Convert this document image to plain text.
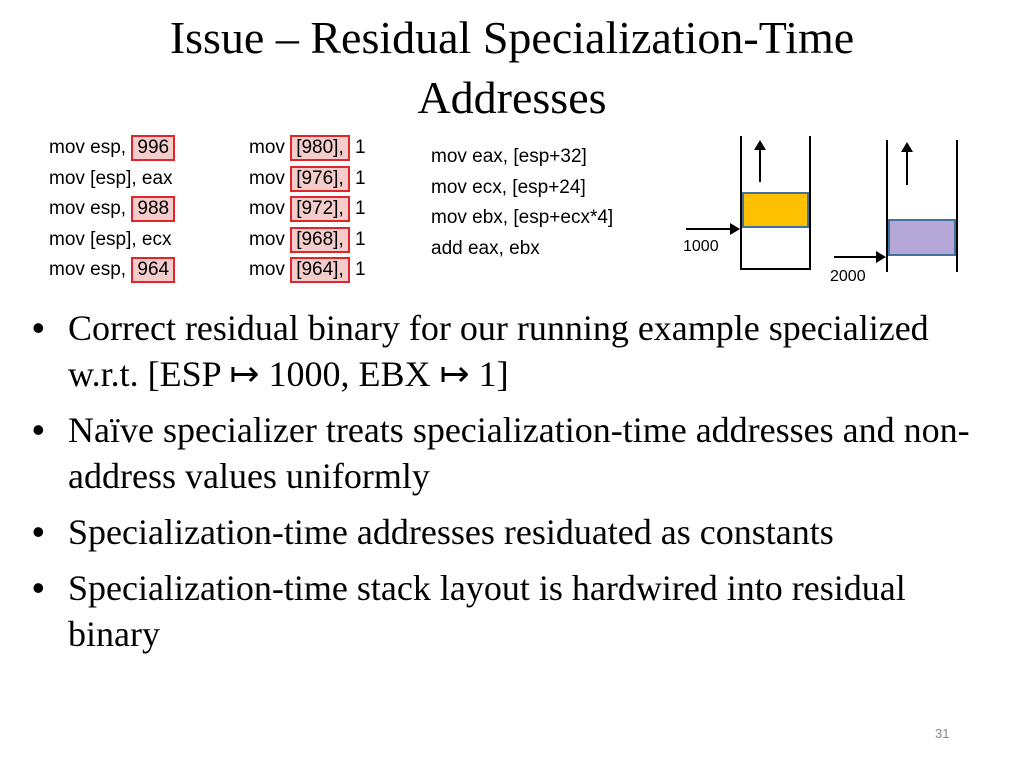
Issue – Residual Specialization-Time
Addresses
mov esp, 996
mov [esp], eax
mov esp, 988
mov [esp], ecx
mov esp, 964
mov [980], 1
mov [976], 1
mov [972], 1
mov [968], 1
mov [964], 1
mov eax, [esp+32]
mov ecx, [esp+24]
mov ebx, [esp+ecx*4]
add eax, ebx	1000
2000
• Correct residual binary for our running example specialized w.r.t. [ESP ↦ 1000, EBX ↦ 1]
• Naïve specializer treats specialization-time addresses and non-address values uniformly
• Specialization-time addresses residuated as constants
• Specialization-time stack layout is hardwired into residual binary
31
